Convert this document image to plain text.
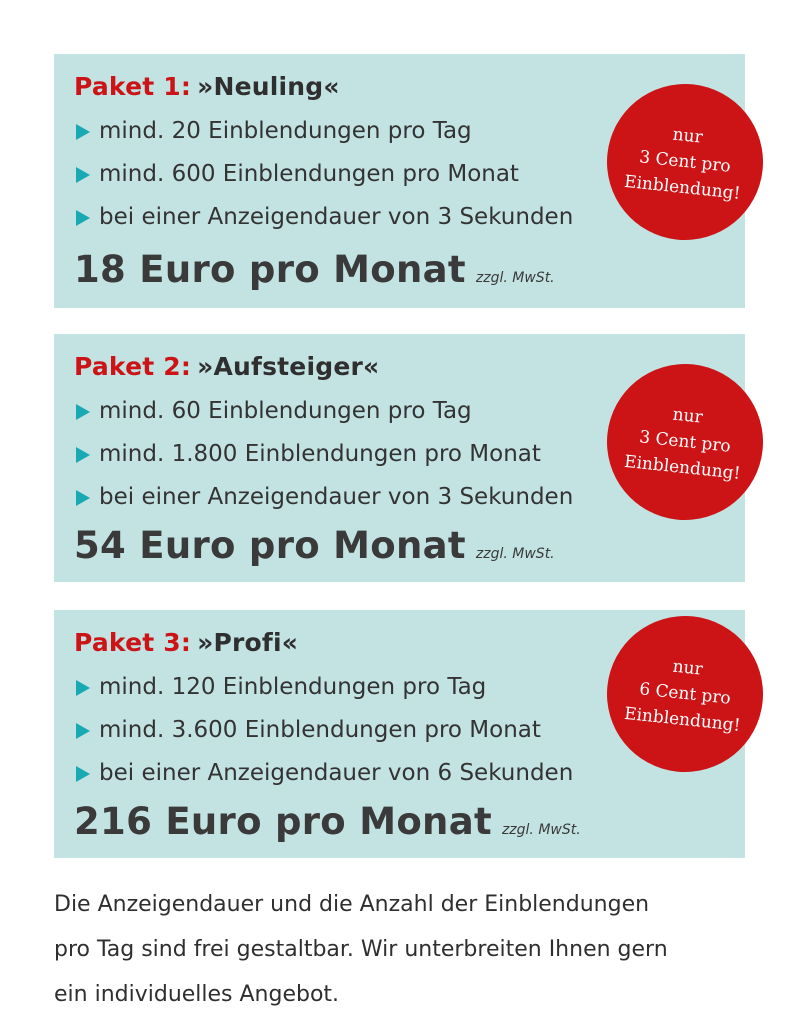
Paket 1: »Neuling«
mind. 20 Einblendungen pro Tag
mind. 600 Einblendungen pro Monat
bei einer Anzeigendauer von 3 Sekunden
18 Euro pro Monat zzgl. MwSt.
nur
3 Cent pro
Einblendung!
Paket 2: »Aufsteiger«
mind. 60 Einblendungen pro Tag
mind. 1.800 Einblendungen pro Monat
bei einer Anzeigendauer von 3 Sekunden
54 Euro pro Monat zzgl. MwSt.
nur
3 Cent pro
Einblendung!
Paket 3: »Profi«
mind. 120 Einblendungen pro Tag
mind. 3.600 Einblendungen pro Monat
bei einer Anzeigendauer von 6 Sekunden
216 Euro pro Monat zzgl. MwSt.
nur
6 Cent pro
Einblendung!

Die Anzeigendauer und die Anzahl der Einblendungen
pro Tag sind frei gestaltbar. Wir unterbreiten Ihnen gern
ein individuelles Angebot.
